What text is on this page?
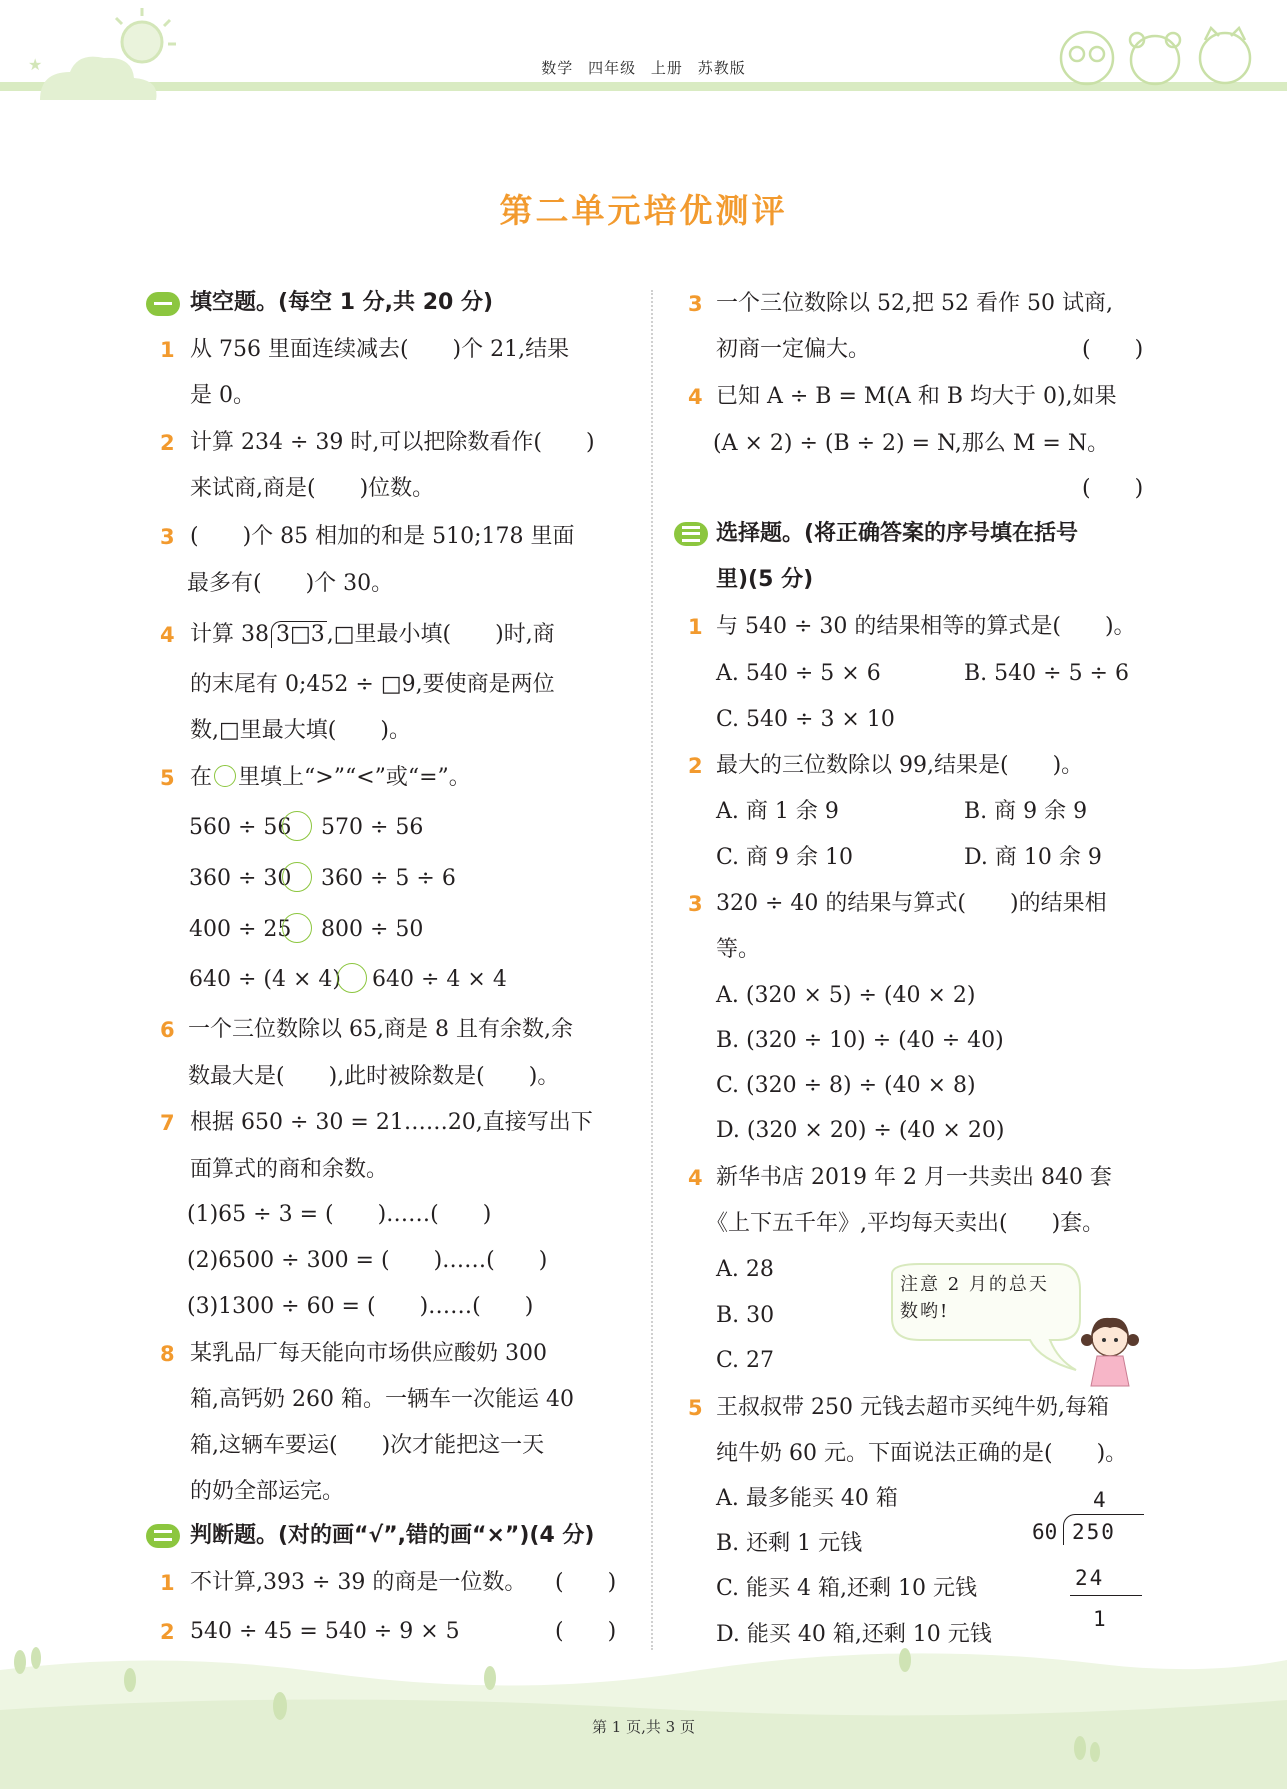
★	数学 四年级 上册 苏教版
第二单元培优测评
填空题。(每空 1 分,共 20 分)
1 从 756 里面连续减去(　　)个 21,结果
是 0。
2 计算 234 ÷ 39 时,可以把除数看作(　　)
来试商,商是(　　)位数。
3 (　　)个 85 相加的和是 510;178 里面
最多有(　　)个 30。
4 计算 38 3□3,□里最小填(　　)时,商
的末尾有 0;452 ÷ □9,要使商是两位
数,□里最大填(　　)。
5 在 里填上“>”“<”或“=”。
560 ÷ 56 570 ÷ 56
360 ÷ 30 360 ÷ 5 ÷ 6
400 ÷ 25 800 ÷ 50
640 ÷ (4 × 4) 640 ÷ 4 × 4
6 一个三位数除以 65,商是 8 且有余数,余
数最大是(　　),此时被除数是(　　)。
7 根据 650 ÷ 30 = 21……20,直接写出下
面算式的商和余数。
(1)65 ÷ 3 = (　　)……(　　)
(2)6500 ÷ 300 = (　　)……(　　)
(3)1300 ÷ 60 = (　　)……(　　)
8 某乳品厂每天能向市场供应酸奶 300
箱,高钙奶 260 箱。一辆车一次能运 40
箱,这辆车要运(　　)次才能把这一天
的奶全部运完。
判断题。(对的画“√”,错的画“×”)(4 分)
1 不计算,393 ÷ 39 的商是一位数。 (　　)
2 540 ÷ 45 = 540 ÷ 9 × 5	(　　)
3 一个三位数除以 52,把 52 看作 50 试商,
初商一定偏大。	(　　)
4 已知 A ÷ B = M(A 和 B 均大于 0),如果
(A × 2) ÷ (B ÷ 2) = N,那么 M = N。
(　　)
选择题。(将正确答案的序号填在括号
里)(5 分)
1 与 540 ÷ 30 的结果相等的算式是(　　)。
A. 540 ÷ 5 × 6	B. 540 ÷ 5 ÷ 6
C. 540 ÷ 3 × 10
2 最大的三位数除以 99,结果是(　　)。
A. 商 1 余 9	B. 商 9 余 9
C. 商 9 余 10	D. 商 10 余 9
3 320 ÷ 40 的结果与算式(　　)的结果相
等。
A. (320 × 5) ÷ (40 × 2)
B. (320 ÷ 10) ÷ (40 ÷ 40)
C. (320 ÷ 8) ÷ (40 × 8)
D. (320 × 20) ÷ (40 × 20)
4 新华书店 2019 年 2 月一共卖出 840 套
《上下五千年》,平均每天卖出(　　)套。
A. 28
B. 30
C. 27
注意 2 月的总天
数哟!
5 王叔叔带 250 元钱去超市买纯牛奶,每箱
纯牛奶 60 元。下面说法正确的是(　　)。
A. 最多能买 40 箱
B. 还剩 1 元钱
C. 能买 4 箱,还剩 10 元钱
D. 能买 40 箱,还剩 10 元钱
4
60 250
24
1
第 1 页,共 3 页
